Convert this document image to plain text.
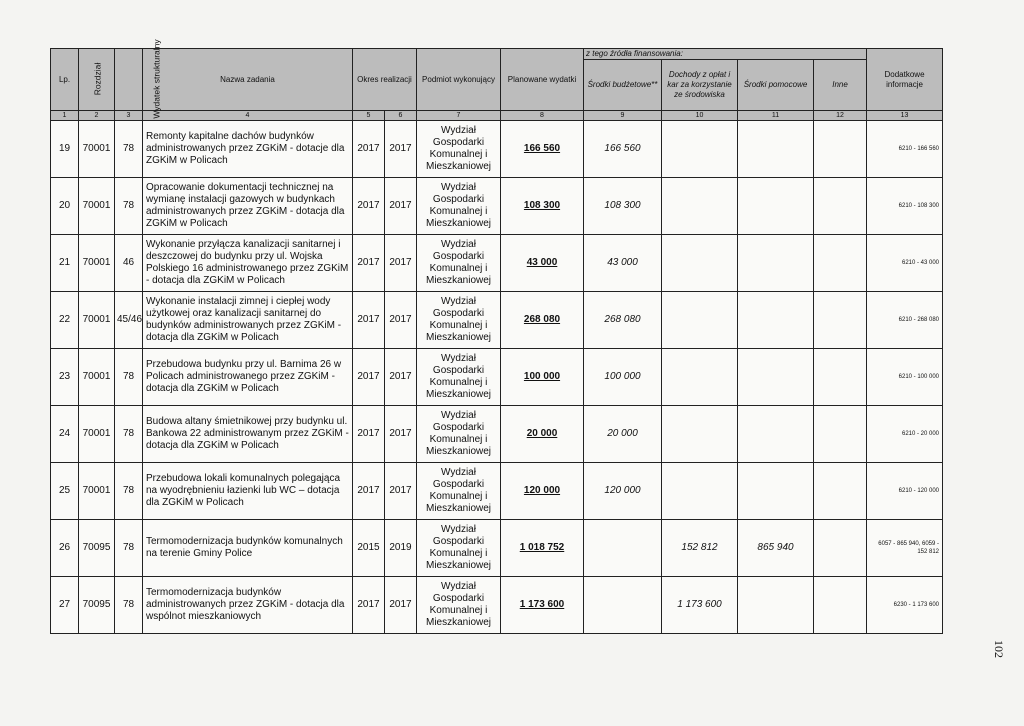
Lp.	Rozdział	Wydatek strukturalny	Nazwa zadania	Okres realizacji		Podmiot wykonujący	Planowane wydatki	z tego źródła finansowania:				Dodatkowe informacje
								Środki budżetowe**	Dochody z opłat i kar za korzystanie ze środowiska	Środki pomocowe	Inne	
1	2	3	4	5	6	7	8	9	10	11	12	13
19	70001	78	Remonty kapitalne dachów budynków administrowanych przez ZGKiM - dotacje dla ZGKiM w Policach	2017	2017	Wydział Gospodarki Komunalnej i Mieszkaniowej	166 560	166 560				6210 - 166 560
20	70001	78	Opracowanie dokumentacji technicznej na wymianę instalacji gazowych w budynkach administrowanych przez ZGKiM - dotacja dla ZGKiM w Policach	2017	2017	Wydział Gospodarki Komunalnej i Mieszkaniowej	108 300	108 300				6210 - 108 300
21	70001	46	Wykonanie przyłącza kanalizacji sanitarnej i deszczowej do budynku przy ul. Wojska Polskiego 16 administrowanego przez ZGKiM - dotacja dla ZGKiM w Policach	2017	2017	Wydział Gospodarki Komunalnej i Mieszkaniowej	43 000	43 000				6210 - 43 000
22	70001	45/46	Wykonanie instalacji zimnej i ciepłej wody użytkowej oraz kanalizacji sanitarnej do budynków administrowanych przez ZGKiM - dotacja dla ZGKiM w Policach	2017	2017	Wydział Gospodarki Komunalnej i Mieszkaniowej	268 080	268 080				6210 - 268 080
23	70001	78	Przebudowa budynku przy ul. Barnima 26 w Policach administrowanego przez ZGKiM - dotacja dla ZGKiM w Policach	2017	2017	Wydział Gospodarki Komunalnej i Mieszkaniowej	100 000	100 000				6210 - 100 000
24	70001	78	Budowa altany śmietnikowej przy budynku ul. Bankowa 22 administrowanym przez ZGKiM - dotacja dla ZGKiM w Policach	2017	2017	Wydział Gospodarki Komunalnej i Mieszkaniowej	20 000	20 000				6210 - 20 000
25	70001	78	Przebudowa lokali komunalnych polegająca na wyodrębnieniu łazienki lub WC – dotacja dla ZGKiM w Policach	2017	2017	Wydział Gospodarki Komunalnej i Mieszkaniowej	120 000	120 000				6210 - 120 000
26	70095	78	Termomodernizacja budynków komunalnych na terenie Gminy Police	2015	2019	Wydział Gospodarki Komunalnej i Mieszkaniowej	1 018 752		152 812	865 940		6057 - 865 940, 6059 - 152 812
27	70095	78	Termomodernizacja budynków administrowanych przez ZGKiM - dotacja dla wspólnot mieszkaniowych	2017	2017	Wydział Gospodarki Komunalnej i Mieszkaniowej	1 173 600		1 173 600			6230 - 1 173 600
102
